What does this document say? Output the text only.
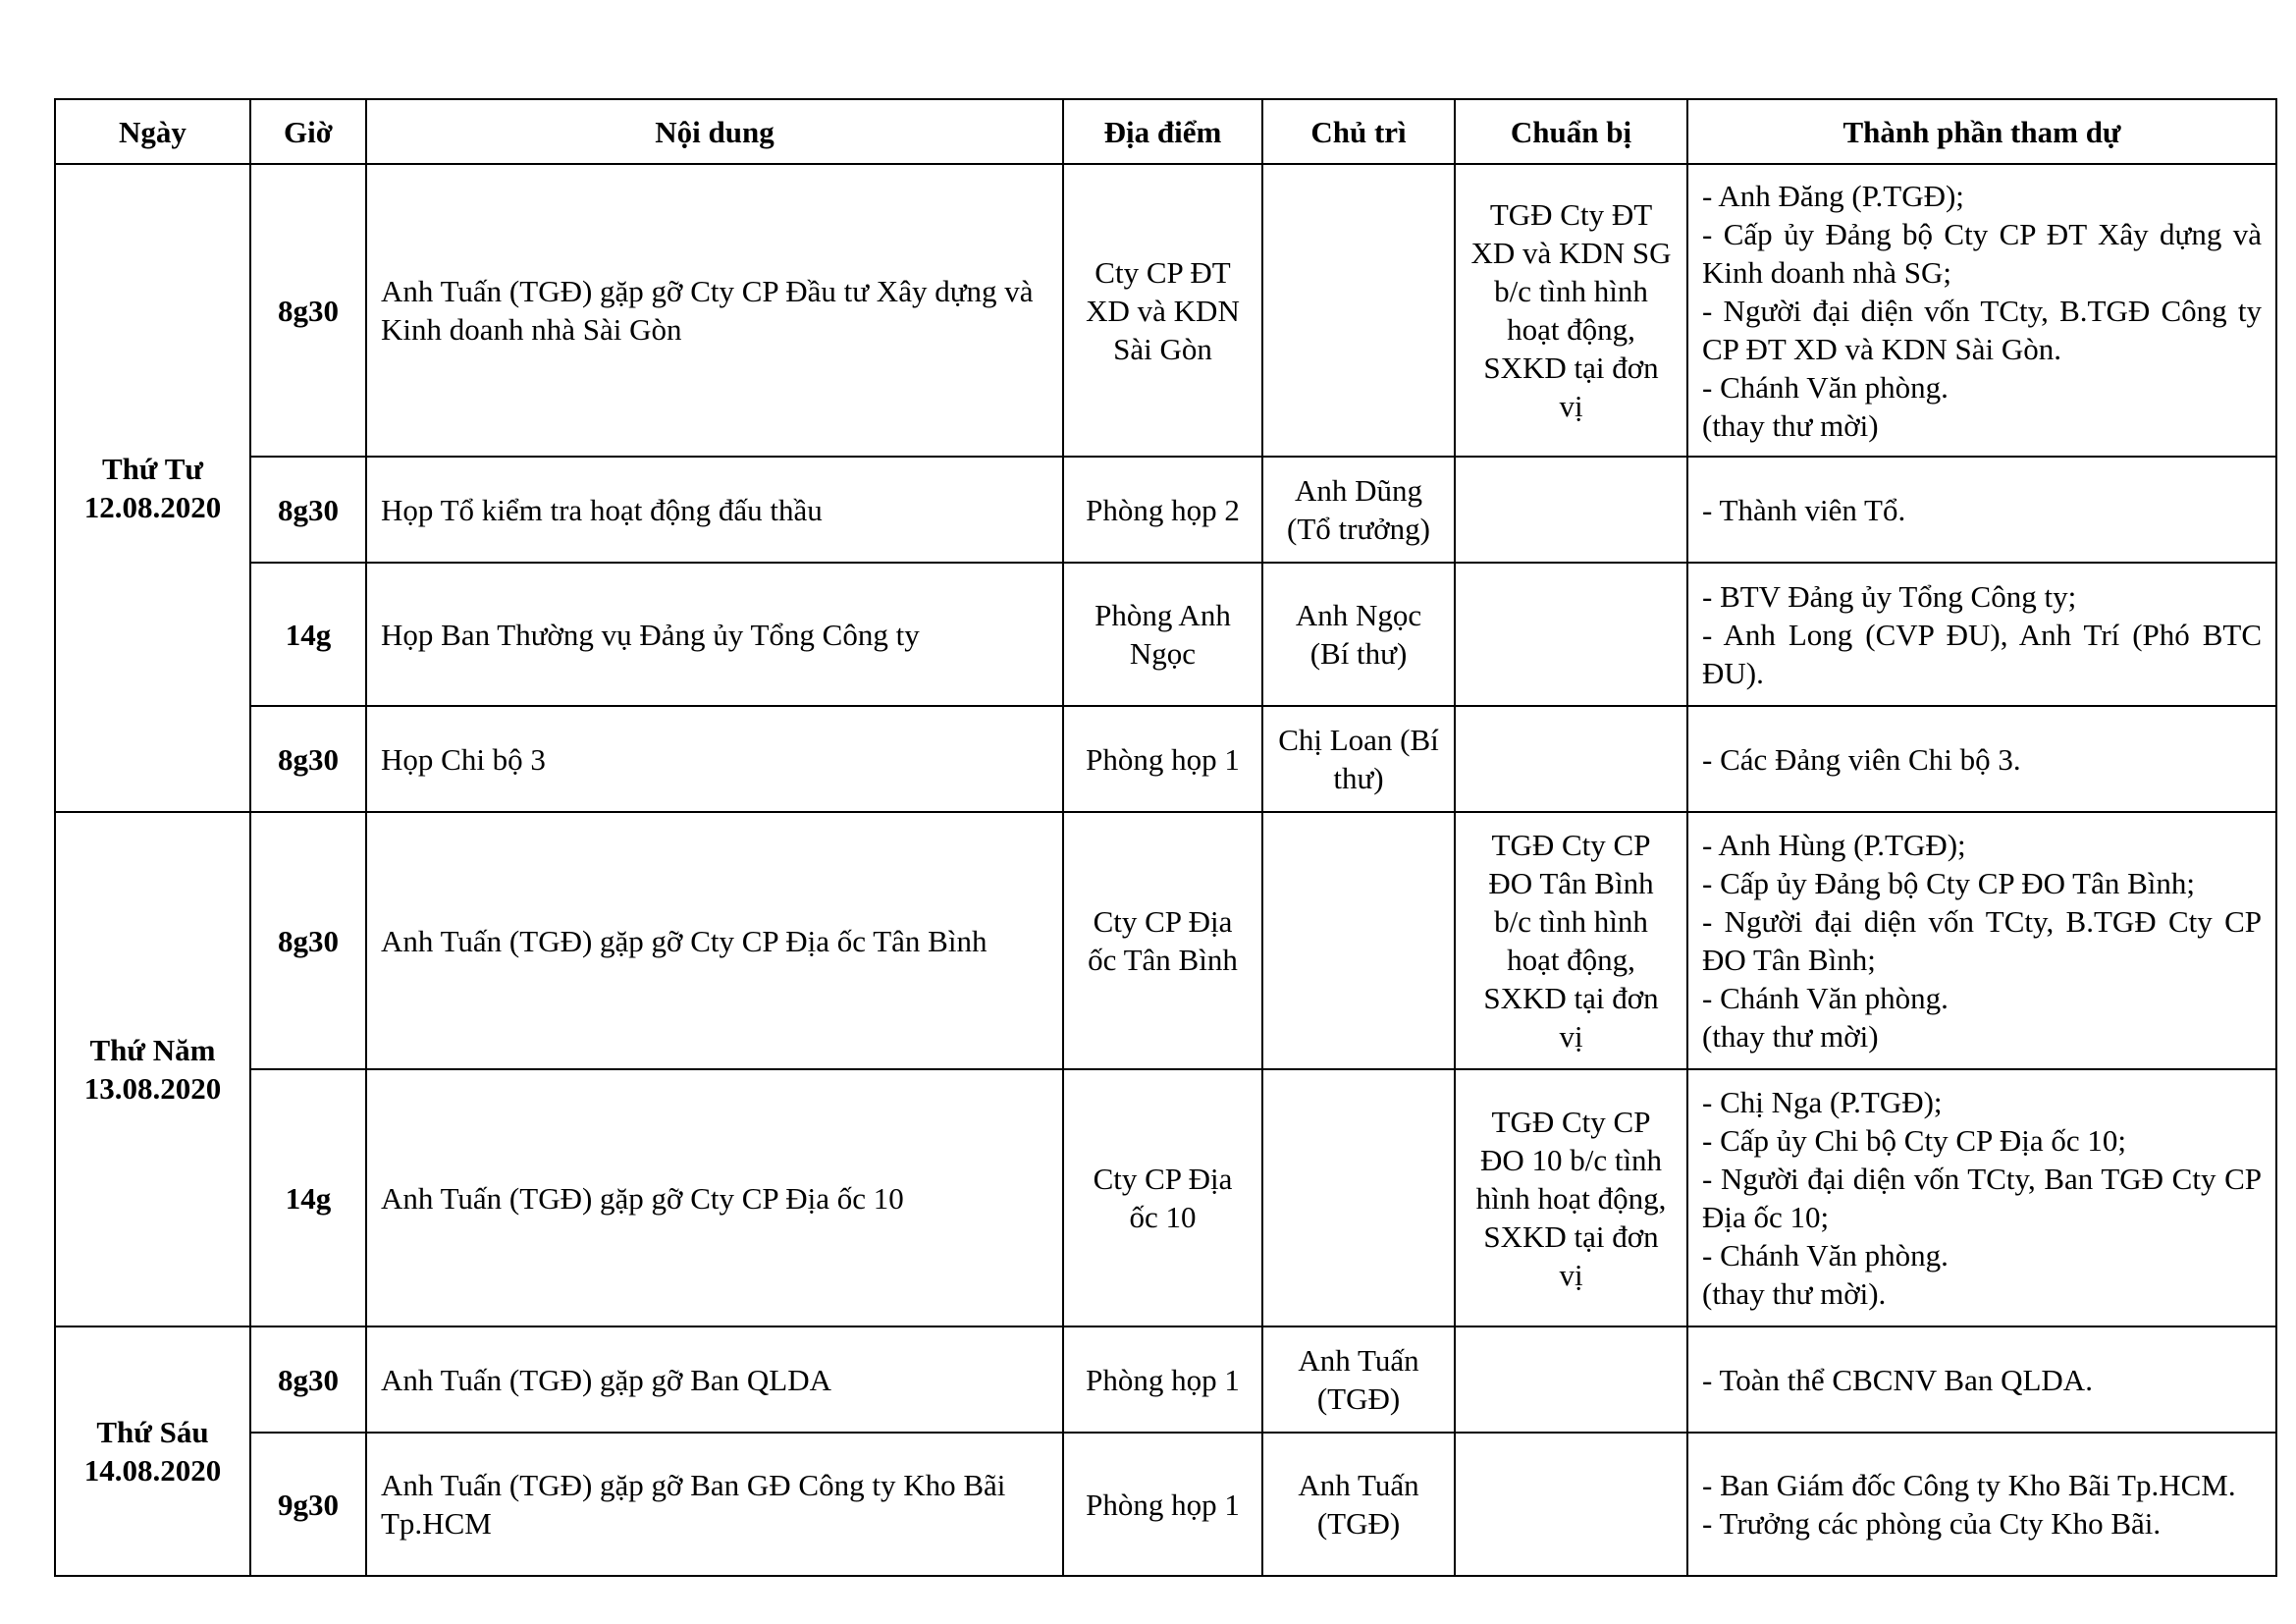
Ngày	Giờ	Nội dung	Địa điểm	Chủ trì	Chuẩn bị	Thành phần tham dự

Thứ Tư
12.08.2020	8g30	Anh Tuấn (TGĐ) gặp gỡ Cty CP Đầu tư Xây dựng và Kinh doanh nhà Sài Gòn	Cty CP ĐT XD và KDN Sài Gòn		TGĐ Cty ĐT XD và KDN SG b/c tình hình hoạt động, SXKD tại đơn vị	- Anh Đăng (P.TGĐ);
- Cấp ủy Đảng bộ Cty CP ĐT Xây dựng và Kinh doanh nhà SG;
- Người đại diện vốn TCty, B.TGĐ Công ty CP ĐT XD và KDN Sài Gòn.
- Chánh Văn phòng.
(thay thư mời)

	8g30	Họp Tổ kiểm tra hoạt động đấu thầu	Phòng họp 2	Anh Dũng (Tổ trưởng)		- Thành viên Tổ.

	14g	Họp Ban Thường vụ Đảng ủy Tổng Công ty	Phòng Anh Ngọc	Anh Ngọc (Bí thư)		- BTV Đảng ủy Tổng Công ty;
- Anh Long (CVP ĐU), Anh Trí (Phó BTC ĐU).

	8g30	Họp Chi bộ 3	Phòng họp 1	Chị Loan (Bí thư)		- Các Đảng viên Chi bộ 3.

Thứ Năm
13.08.2020	8g30	Anh Tuấn (TGĐ) gặp gỡ Cty CP Địa ốc Tân Bình	Cty CP Địa ốc Tân Bình		TGĐ Cty CP ĐO Tân Bình b/c tình hình hoạt động, SXKD tại đơn vị	- Anh Hùng (P.TGĐ);
- Cấp ủy Đảng bộ Cty CP ĐO Tân Bình;
- Người đại diện vốn TCty, B.TGĐ Cty CP ĐO Tân Bình;
- Chánh Văn phòng.
(thay thư mời)

	14g	Anh Tuấn (TGĐ) gặp gỡ Cty CP Địa ốc 10	Cty CP Địa ốc 10		TGĐ Cty CP ĐO 10 b/c tình hình hoạt động, SXKD tại đơn vị	- Chị Nga (P.TGĐ);
- Cấp ủy Chi bộ Cty CP Địa ốc 10;
- Người đại diện vốn TCty, Ban TGĐ Cty CP Địa ốc 10;
- Chánh Văn phòng.
(thay thư mời).

Thứ Sáu
14.08.2020	8g30	Anh Tuấn (TGĐ) gặp gỡ Ban QLDA	Phòng họp 1	Anh Tuấn (TGĐ)		- Toàn thể CBCNV Ban QLDA.

	9g30	Anh Tuấn (TGĐ) gặp gỡ Ban GĐ Công ty Kho Bãi Tp.HCM	Phòng họp 1	Anh Tuấn (TGĐ)		- Ban Giám đốc Công ty Kho Bãi Tp.HCM.
- Trưởng các phòng của Cty Kho Bãi.
